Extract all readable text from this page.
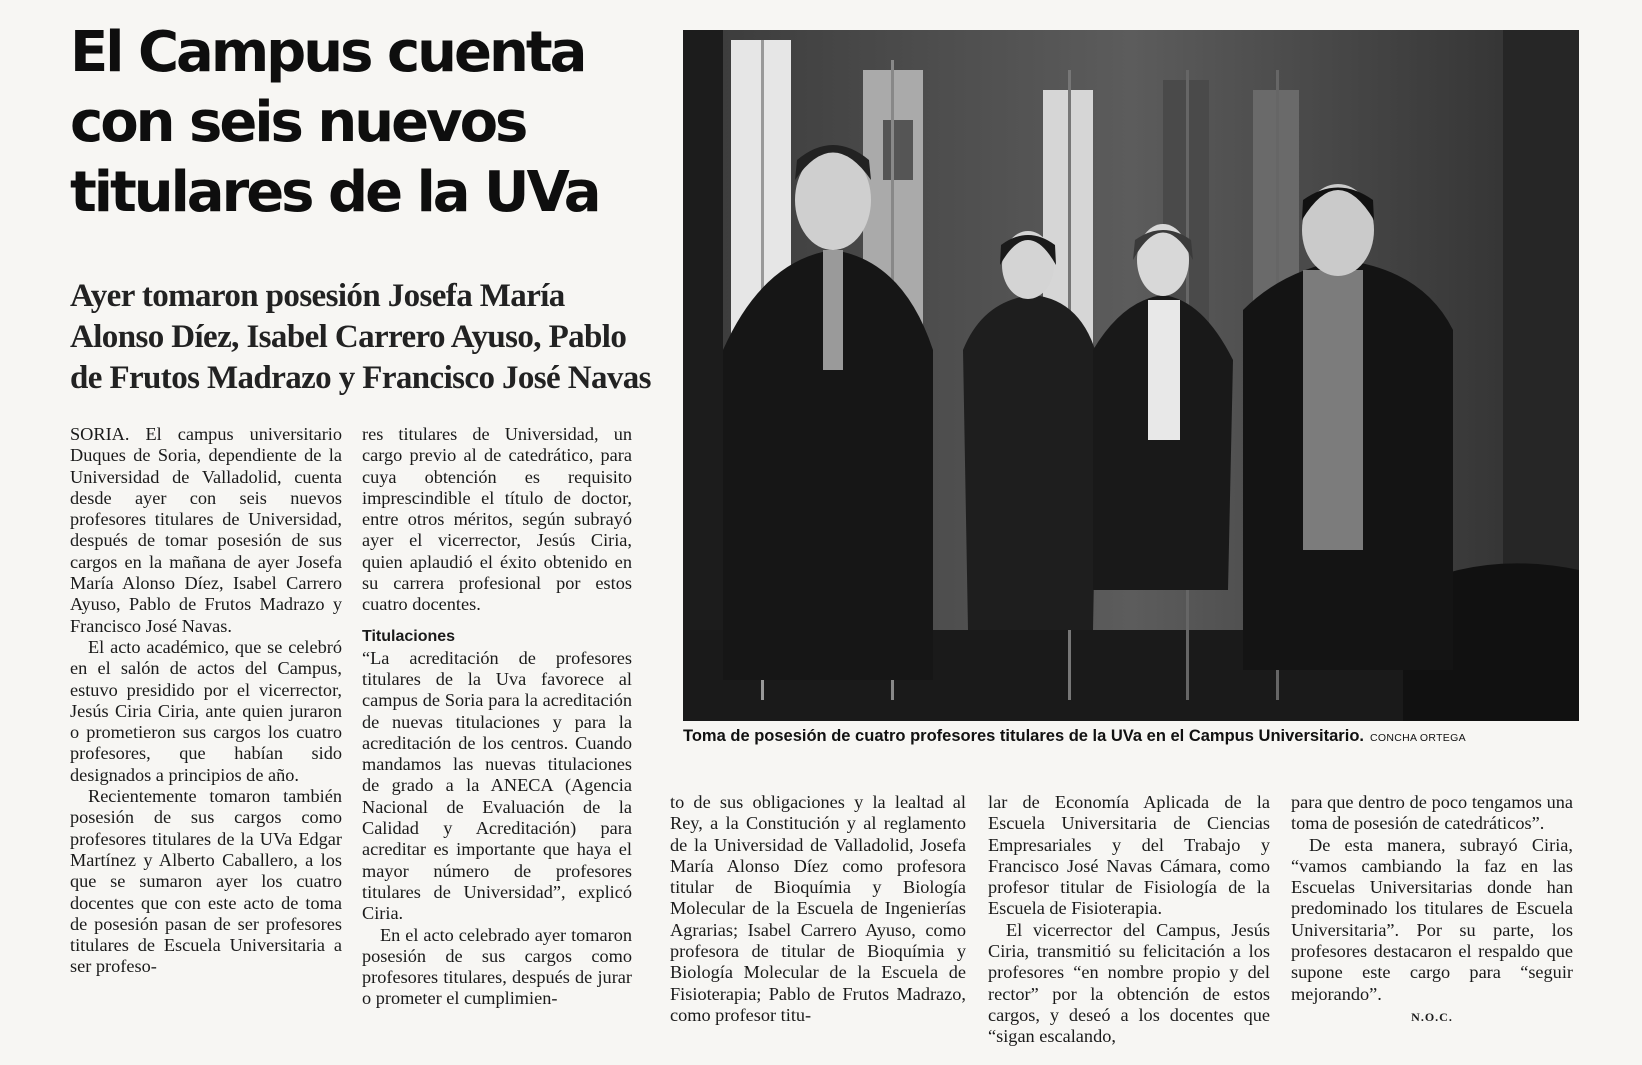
El Campus cuenta
con seis nuevos
titulares de la UVa
Ayer tomaron posesión Josefa María
Alonso Díez, Isabel Carrero Ayuso, Pablo
de Frutos Madrazo y Francisco José Navas

SORIA. El campus universitario Duques de Soria, dependiente de la Universidad de Valladolid, cuenta desde ayer con seis nuevos profesores titulares de Universidad, después de tomar posesión de sus cargos en la mañana de ayer Josefa María Alonso Díez, Isabel Carrero Ayuso, Pablo de Frutos Madrazo y Francisco José Navas.

El acto académico, que se celebró en el salón de actos del Campus, estuvo presidido por el vicerrector, Jesús Ciria Ciria, ante quien juraron o prometieron sus cargos los cuatro profesores, que habían sido designados a principios de año.

Recientemente tomaron también posesión de sus cargos como profesores titulares de la UVa Edgar Martínez y Alberto Caballero, a los que se sumaron ayer los cuatro docentes que con este acto de toma de posesión pasan de ser profesores titulares de Escuela Universitaria a ser profeso-

res titulares de Universidad, un cargo previo al de catedrático, para cuya obtención es requisito imprescindible el título de doctor, entre otros méritos, según subrayó ayer el vicerrector, Jesús Ciria, quien aplaudió el éxito obtenido en su carrera profesional por estos cuatro docentes.

Titulaciones

“La acreditación de profesores titulares de la Uva favorece al campus de Soria para la acreditación de nuevas titulaciones y para la acreditación de los centros. Cuando mandamos las nuevas titulaciones de grado a la ANECA (Agencia Nacional de Evaluación de la Calidad y Acreditación) para acreditar es importante que haya el mayor número de profesores titulares de Universidad”, explicó Ciria.

En el acto celebrado ayer tomaron posesión de sus cargos como profesores titulares, después de jurar o prometer el cumplimien-

Toma de posesión de cuatro profesores titulares de la UVa en el Campus Universitario. CONCHA ORTEGA

to de sus obligaciones y la lealtad al Rey, a la Constitución y al reglamento de la Universidad de Valladolid, Josefa María Alonso Díez como profesora titular de Bioquímia y Biología Molecular de la Escuela de Ingenierías Agrarias; Isabel Carrero Ayuso, como profesora de titular de Bioquímia y Biología Molecular de la Escuela de Fisioterapia; Pablo de Frutos Madrazo, como profesor titu-

lar de Economía Aplicada de la Escuela Universitaria de Ciencias Empresariales y del Trabajo y Francisco José Navas Cámara, como profesor titular de Fisiología de la Escuela de Fisioterapia.

El vicerrector del Campus, Jesús Ciria, transmitió su felicitación a los profesores “en nombre propio y del rector” por la obtención de estos cargos, y deseó a los docentes que “sigan escalando,

para que dentro de poco tengamos una toma de posesión de catedráticos”.

De esta manera, subrayó Ciria, “vamos cambiando la faz en las Escuelas Universitarias donde han predominado los titulares de Escuela Universitaria”. Por su parte, los profesores destacaron el respaldo que supone este cargo para “seguir mejorando”.

N.O.C.
